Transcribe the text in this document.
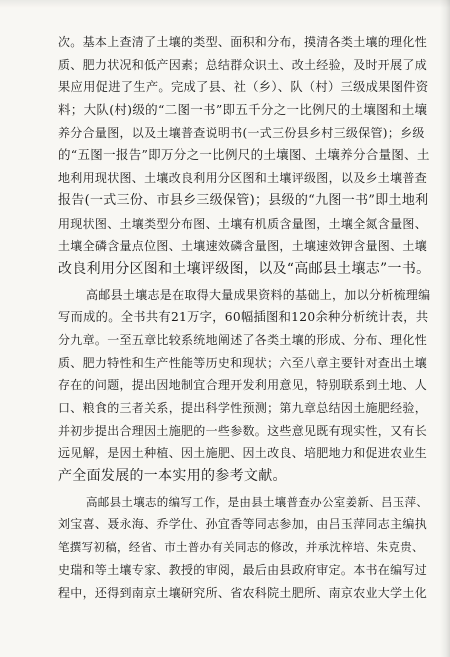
次。基本上查清了土壤的类型、面积和分布，摸清各类土壤的理化性
质、肥力状况和低产因素；总结群众识土、改土经验，及时开展了成
果应用促进了生产。完成了县、社（乡）、队（村）三级成果图件资
料；大队(村)级的“二图一书”即五千分之一比例尺的土壤图和土壤
养分合量图，以及土壤普查说明书(一式三份县乡村三级保管)；乡级
的“五图一报告”即万分之一比例尺的土壤图、土壤养分合量图、土
地利用现状图、土壤改良利用分区图和土壤评级图，以及乡土壤普查
报告(一式三份、市县乡三级保管)；县级的“九图一书”即土地利
用现状图、土壤类型分布图、土壤有机质含量图，土壤全氮含量图、
土壤全磷含量点位图、土壤速效磷含量图，土壤速效钾含量图、土壤
改良利用分区图和土壤评级图，以及“高邮县土壤志”一书。
高邮县土壤志是在取得大量成果资料的基础上，加以分析梳理编
写而成的。全书共有21万字，60幅插图和120余种分析统计表，共
分九章。一至五章比较系统地阐述了各类土壤的形成、分布、理化性
质、肥力特性和生产性能等历史和现状；六至八章主要针对查出土壤
存在的问题，提出因地制宜合理开发利用意见，特别联系到土地、人
口、粮食的三者关系，提出科学性预测；第九章总结因土施肥经验，
并初步提出合理因土施肥的一些参数。这些意见既有现实性，又有长
远见解，是因土种植、因土施肥、因土改良、培肥地力和促进农业生
产全面发展的一本实用的参考文献。
高邮县土壤志的编写工作，是由县土壤普查办公室姜新、吕玉萍、
刘宝喜、聂永海、乔学仕、孙宜香等同志参加，由吕玉萍同志主编执
笔撰写初稿，经省、市土普办有关同志的修改，并承沈梓培、朱克贵、
史瑞和等土壤专家、教授的审阅，最后由县政府审定。本书在编写过
程中，还得到南京土壤研究所、省农科院土肥所、南京农业大学土化
